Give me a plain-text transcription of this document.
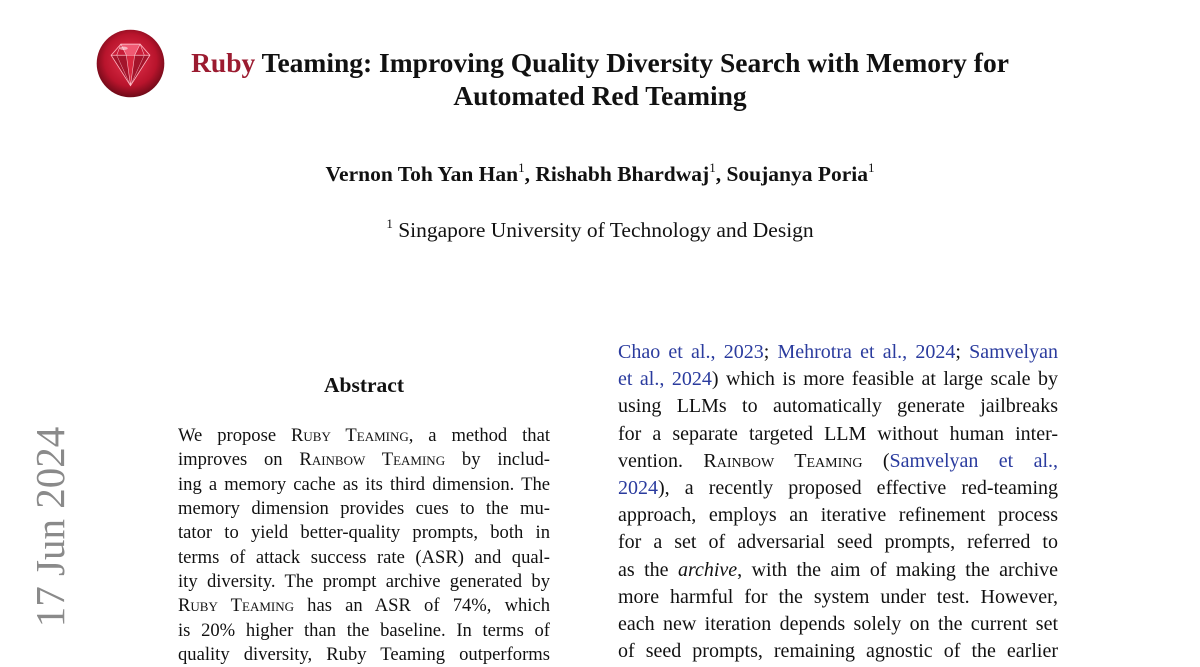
Ruby Teaming: Improving Quality Diversity Search with Memory for
Automated Red Teaming
Vernon Toh Yan Han$^1$, Rishabh Bhardwaj$^1$, Soujanya Poria$^1$
$^1$ Singapore University of Technology and Design
17 Jun 2024
Abstract
We propose Ruby Teaming, a method that
improves on Rainbow Teaming by includ-
ing a memory cache as its third dimension. The
memory dimension provides cues to the mu-
tator to yield better-quality prompts, both in
terms of attack success rate (ASR) and qual-
ity diversity. The prompt archive generated by
Ruby Teaming has an ASR of 74%, which
is 20% higher than the baseline. In terms of
quality diversity, Ruby Teaming outperforms
Chao et al., 2023; Mehrotra et al., 2024; Samvelyan
et al., 2024) which is more feasible at large scale by
using LLMs to automatically generate jailbreaks
for a separate targeted LLM without human inter-
vention. Rainbow Teaming (Samvelyan et al.,
2024), a recently proposed effective red-teaming
approach, employs an iterative refinement process
for a set of adversarial seed prompts, referred to
as the archive, with the aim of making the archive
more harmful for the system under test. However,
each new iteration depends solely on the current set
of seed prompts, remaining agnostic of the earlier
